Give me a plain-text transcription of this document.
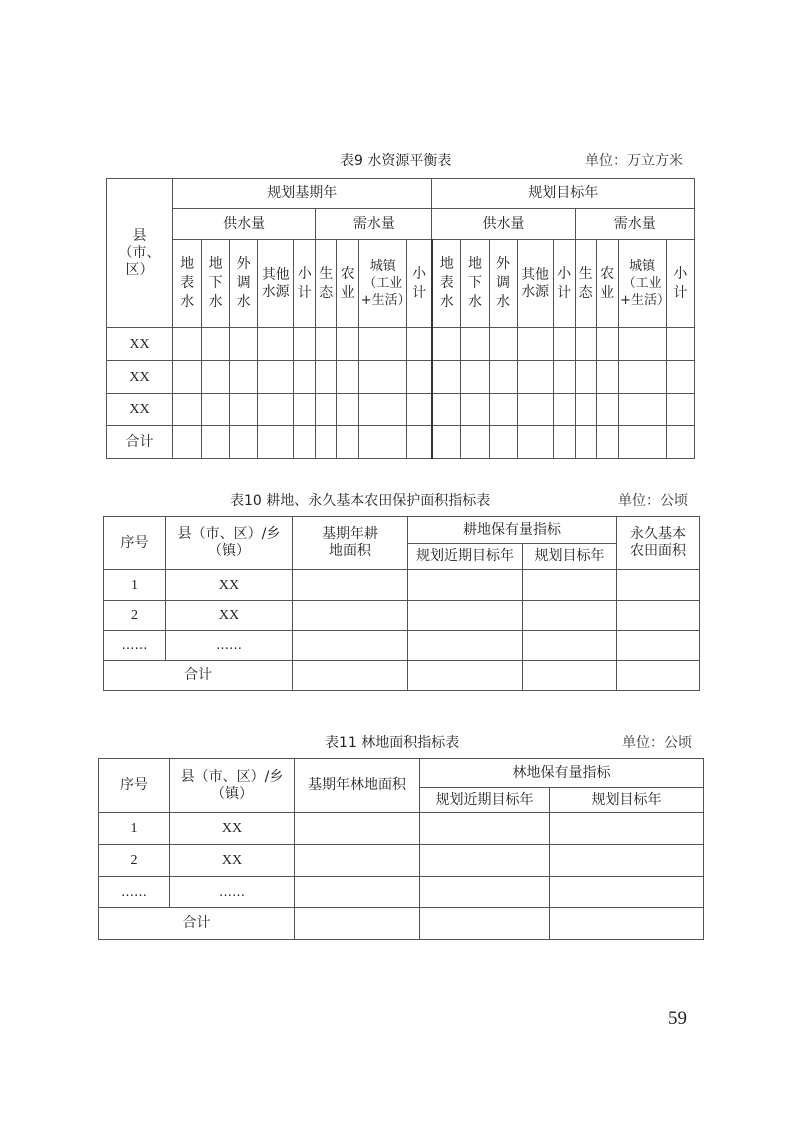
表9 水资源平衡表	单位：万立方米
县（市、区）	规划基期年									规划目标年								
	供水量					需水量				供水量					需水量			
	地表水	地下水	外调水	其他水源	小计	生态	农业	城镇（工业+生活）	小计	地表水	地下水	外调水	其他水源	小计	生态	农业	城镇（工业+生活）	小计
XX																		
XX																		
XX																		
合计																		
表10 耕地、永久基本农田保护面积指标表	单位：公顷
序号	县（市、区）/乡（镇）	基期年耕地面积	耕地保有量指标		永久基本农田面积
			规划近期目标年	规划目标年	
1	XX				
2	XX				
……	……				
合计					
表11 林地面积指标表	单位：公顷
序号	县（市、区）/乡（镇）	基期年林地面积	林地保有量指标	
			规划近期目标年	规划目标年
1	XX			
2	XX			
……	……			
合计				
59
